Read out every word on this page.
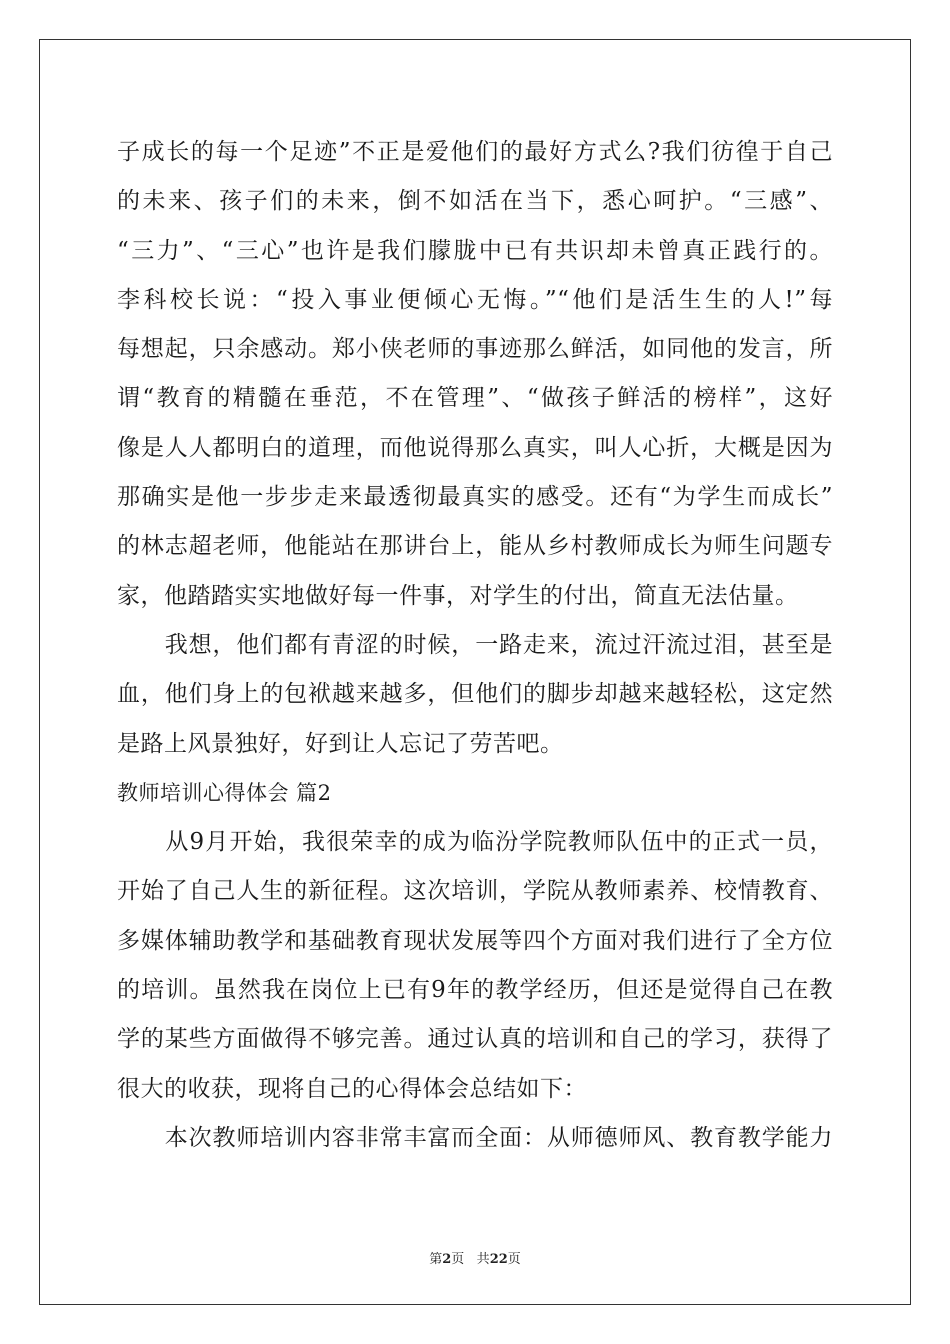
子成长的每一个足迹”不正是爱他们的最好方式么?我们彷徨于自己
的未来、孩子们的未来，倒不如活在当下，悉心呵护。“三感”、
“三力”、“三心”也许是我们朦胧中已有共识却未曾真正践行的。
李科校长说：“投入事业便倾心无悔。”“他们是活生生的人!”每
每想起，只余感动。郑小侠老师的事迹那么鲜活，如同他的发言，所
谓“教育的精髓在垂范，不在管理”、“做孩子鲜活的榜样”，这好
像是人人都明白的道理，而他说得那么真实，叫人心折，大概是因为
那确实是他一步步走来最透彻最真实的感受。还有“为学生而成长”
的林志超老师，他能站在那讲台上，能从乡村教师成长为师生问题专
家，他踏踏实实地做好每一件事，对学生的付出，简直无法估量。
　　我想，他们都有青涩的时候，一路走来，流过汗流过泪，甚至是
血，他们身上的包袱越来越多，但他们的脚步却越来越轻松，这定然
是路上风景独好，好到让人忘记了劳苦吧。
教师培训心得体会 篇2
　　从9月开始，我很荣幸的成为临汾学院教师队伍中的正式一员，
开始了自己人生的新征程。这次培训，学院从教师素养、校情教育、
多媒体辅助教学和基础教育现状发展等四个方面对我们进行了全方位
的培训。虽然我在岗位上已有9年的教学经历，但还是觉得自己在教
学的某些方面做得不够完善。通过认真的培训和自己的学习，获得了
很大的收获，现将自己的心得体会总结如下：
　　本次教师培训内容非常丰富而全面：从师德师风、教育教学能力
第2页 共22页
